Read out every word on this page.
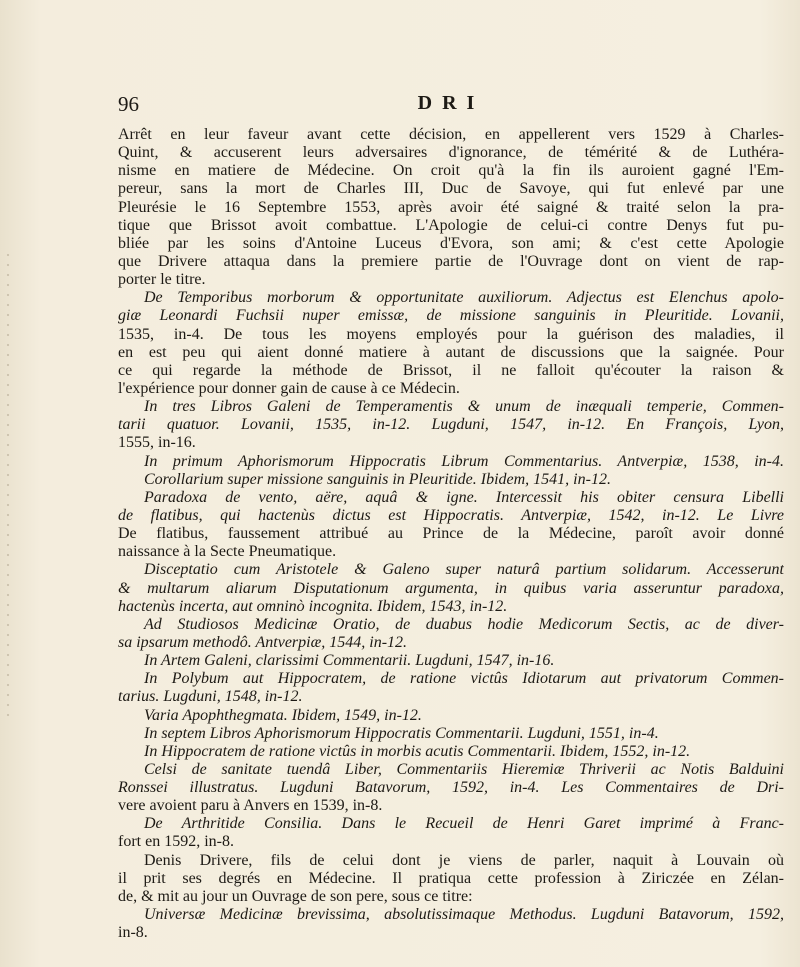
96	DRI
Arrêt en leur faveur avant cette décision, en appellerent vers 1529 à Charles-
Quint, & accuserent leurs adversaires d'ignorance, de témérité & de Luthéra-
nisme en matiere de Médecine. On croit qu'à la fin ils auroient gagné l'Em-
pereur, sans la mort de Charles III, Duc de Savoye, qui fut enlevé par une
Pleurésie le 16 Septembre 1553, après avoir été saigné & traité selon la pra-
tique que Brissot avoit combattue. L'Apologie de celui-ci contre Denys fut pu-
bliée par les soins d'Antoine Luceus d'Evora, son ami; & c'est cette Apologie
que Drivere attaqua dans la premiere partie de l'Ouvrage dont on vient de rap-
porter le titre.
De Temporibus morborum & opportunitate auxiliorum. Adjectus est Elenchus apolo-
giæ Leonardi Fuchsii nuper emissæ, de missione sanguinis in Pleuritide. Lovanii,
1535, in-4. De tous les moyens employés pour la guérison des maladies, il
en est peu qui aient donné matiere à autant de discussions que la saignée. Pour
ce qui regarde la méthode de Brissot, il ne falloit qu'écouter la raison &
l'expérience pour donner gain de cause à ce Médecin.
In tres Libros Galeni de Temperamentis & unum de inæquali temperie, Commen-
tarii quatuor. Lovanii, 1535, in-12. Lugduni, 1547, in-12. En François, Lyon,
1555, in-16.
In primum Aphorismorum Hippocratis Librum Commentarius. Antverpiæ, 1538, in-4.
Corollarium super missione sanguinis in Pleuritide. Ibidem, 1541, in-12.
Paradoxa de vento, aëre, aquâ & igne. Intercessit his obiter censura Libelli
de flatibus, qui hactenùs dictus est Hippocratis. Antverpiæ, 1542, in-12. Le Livre
De flatibus, faussement attribué au Prince de la Médecine, paroît avoir donné
naissance à la Secte Pneumatique.
Disceptatio cum Aristotele & Galeno super naturâ partium solidarum. Accesserunt
& multarum aliarum Disputationum argumenta, in quibus varia asseruntur paradoxa,
hactenùs incerta, aut omninò incognita. Ibidem, 1543, in-12.
Ad Studiosos Medicinæ Oratio, de duabus hodie Medicorum Sectis, ac de diver-
sa ipsarum methodô. Antverpiæ, 1544, in-12.
In Artem Galeni, clarissimi Commentarii. Lugduni, 1547, in-16.
In Polybum aut Hippocratem, de ratione victûs Idiotarum aut privatorum Commen-
tarius. Lugduni, 1548, in-12.
Varia Apophthegmata. Ibidem, 1549, in-12.
In septem Libros Aphorismorum Hippocratis Commentarii. Lugduni, 1551, in-4.
In Hippocratem de ratione victûs in morbis acutis Commentarii. Ibidem, 1552, in-12.
Celsi de sanitate tuendâ Liber, Commentariis Hieremiæ Thriverii ac Notis Balduini
Ronssei illustratus. Lugduni Batavorum, 1592, in-4. Les Commentaires de Dri-
vere avoient paru à Anvers en 1539, in-8.
De Arthritide Consilia. Dans le Recueil de Henri Garet imprimé à Franc-
fort en 1592, in-8.
Denis Drivere, fils de celui dont je viens de parler, naquit à Louvain où
il prit ses degrés en Médecine. Il pratiqua cette profession à Ziriczée en Zélan-
de, & mit au jour un Ouvrage de son pere, sous ce titre:
Universæ Medicinæ brevissima, absolutissimaque Methodus. Lugduni Batavorum, 1592,
in-8.
